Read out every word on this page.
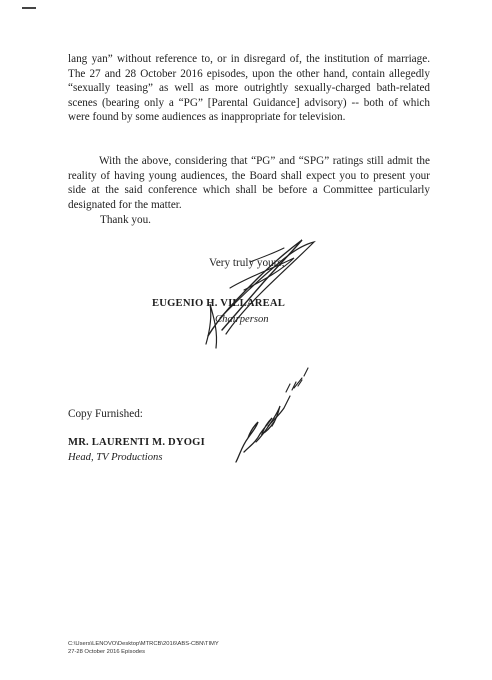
lang yan” without reference to, or in disregard of, the institution of marriage. The 27 and 28 October 2016 episodes, upon the other hand, contain allegedly “sexually teasing” as well as more outrightly sexually-charged bath-related scenes (bearing only a “PG” [Parental Guidance] advisory) -- both of which were found by some audiences as inappropriate for television.

With the above, considering that “PG” and “SPG” ratings still admit the reality of having young audiences, the Board shall expect you to present your side at the said conference which shall be before a Committee particularly designated for the matter.

Thank you.
Very truly yours,
EUGENIO H. VILLAREAL
Chairperson
Copy Furnished:
MR. LAURENTI M. DYOGI
Head, TV Productions
C:\Users\LENOVO\Desktop\MTRCB\2016\ABS-CBN\TIMY
27-28 October 2016 Episodes
